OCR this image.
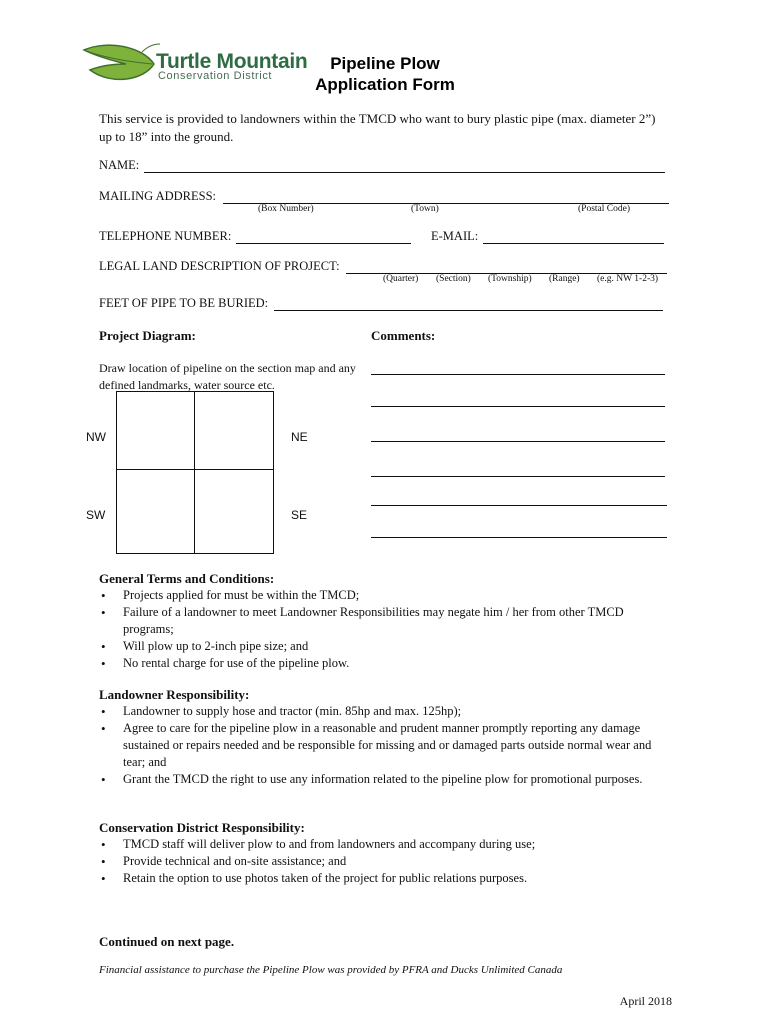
Turtle Mountain
Conservation District
Pipeline Plow
Application Form
This service is provided to landowners within the TMCD who want to bury plastic pipe (max. diameter 2”) up to 18” into the ground.
NAME:
MAILING ADDRESS:
(Box Number)	(Town)	(Postal Code)
TELEPHONE NUMBER:	E-MAIL:
LEGAL LAND DESCRIPTION OF PROJECT:
(Quarter) (Section) (Township) (Range) (e.g. NW 1-2-3)
FEET OF PIPE TO BE BURIED:
Project Diagram:
Draw location of pipeline on the section map and any defined landmarks, water source etc.
NW	NE
SW	SE
Comments:
General Terms and Conditions:
• Projects applied for must be within the TMCD;
• Failure of a landowner to meet Landowner Responsibilities may negate him / her from other TMCD programs;
• Will plow up to 2-inch pipe size; and
• No rental charge for use of the pipeline plow.
Landowner Responsibility:
• Landowner to supply hose and tractor (min. 85hp and max. 125hp);
• Agree to care for the pipeline plow in a reasonable and prudent manner promptly reporting any damage sustained or repairs needed and be responsible for missing and or damaged parts outside normal wear and tear; and
• Grant the TMCD the right to use any information related to the pipeline plow for promotional purposes.
Conservation District Responsibility:
• TMCD staff will deliver plow to and from landowners and accompany during use;
• Provide technical and on-site assistance; and
• Retain the option to use photos taken of the project for public relations purposes.
Continued on next page.
Financial assistance to purchase the Pipeline Plow was provided by PFRA and Ducks Unlimited Canada
April 2018
